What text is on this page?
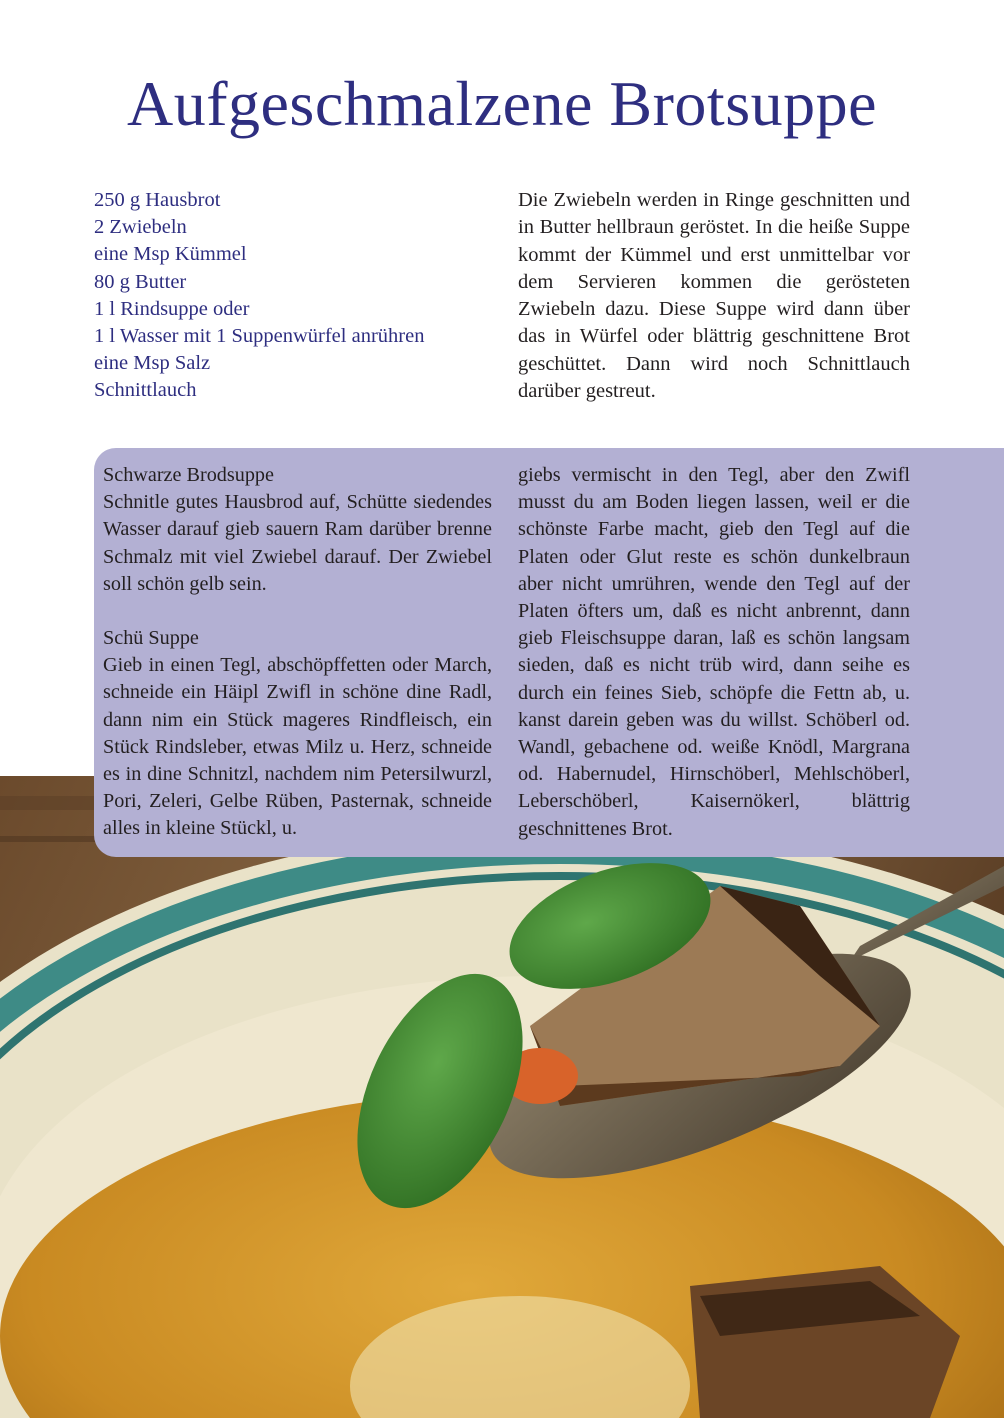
Aufgeschmalzene Brotsuppe
250 g Hausbrot
2 Zwiebeln
eine Msp Kümmel
80 g Butter
1 l Rindsuppe oder
1 l Wasser mit 1 Suppenwürfel anrühren
eine Msp Salz
Schnittlauch

Die Zwiebeln werden in Ringe geschnitten und in Butter hellbraun geröstet. In die heiße Suppe kommt der Kümmel und erst unmittelbar vor dem Servieren kommen die gerösteten Zwiebeln dazu. Diese Suppe wird dann über das in Würfel oder blättrig geschnittene Brot geschüttet. Dann wird noch Schnittlauch darüber gestreut.

Schwarze Brodsuppe

Schnitle gutes Hausbrod auf, Schütte siedendes Wasser darauf gieb sauern Ram darüber brenne Schmalz mit viel Zwiebel darauf. Der Zwiebel soll schön gelb sein.

Schü Suppe

Gieb in einen Tegl, abschöpffetten oder March, schneide ein Häipl Zwifl in schöne dine Radl, dann nim ein Stück mageres Rindfleisch, ein Stück Rindsleber, etwas Milz u. Herz, schneide es in dine Schnitzl, nachdem nim Petersilwurzl, Pori, Zeleri, Gelbe Rüben, Pasternak, schneide alles in kleine Stückl, u.

giebs vermischt in den Tegl, aber den Zwifl musst du am Boden liegen lassen, weil er die schönste Farbe macht, gieb den Tegl auf die Platen oder Glut reste es schön dunkelbraun aber nicht umrühren, wende den Tegl auf der Platen öfters um, daß es nicht anbrennt, dann gieb Fleischsuppe daran, laß es schön langsam sieden, daß es nicht trüb wird, dann seihe es durch ein feines Sieb, schöpfe die Fettn ab, u. kanst darein geben was du willst. Schöberl od. Wandl, gebachene od. weiße Knödl, Margrana od. Habernudel, Hirnschöberl, Mehlschöberl, Leberschöberl, Kaisernökerl, blättrig geschnittenes Brot.
